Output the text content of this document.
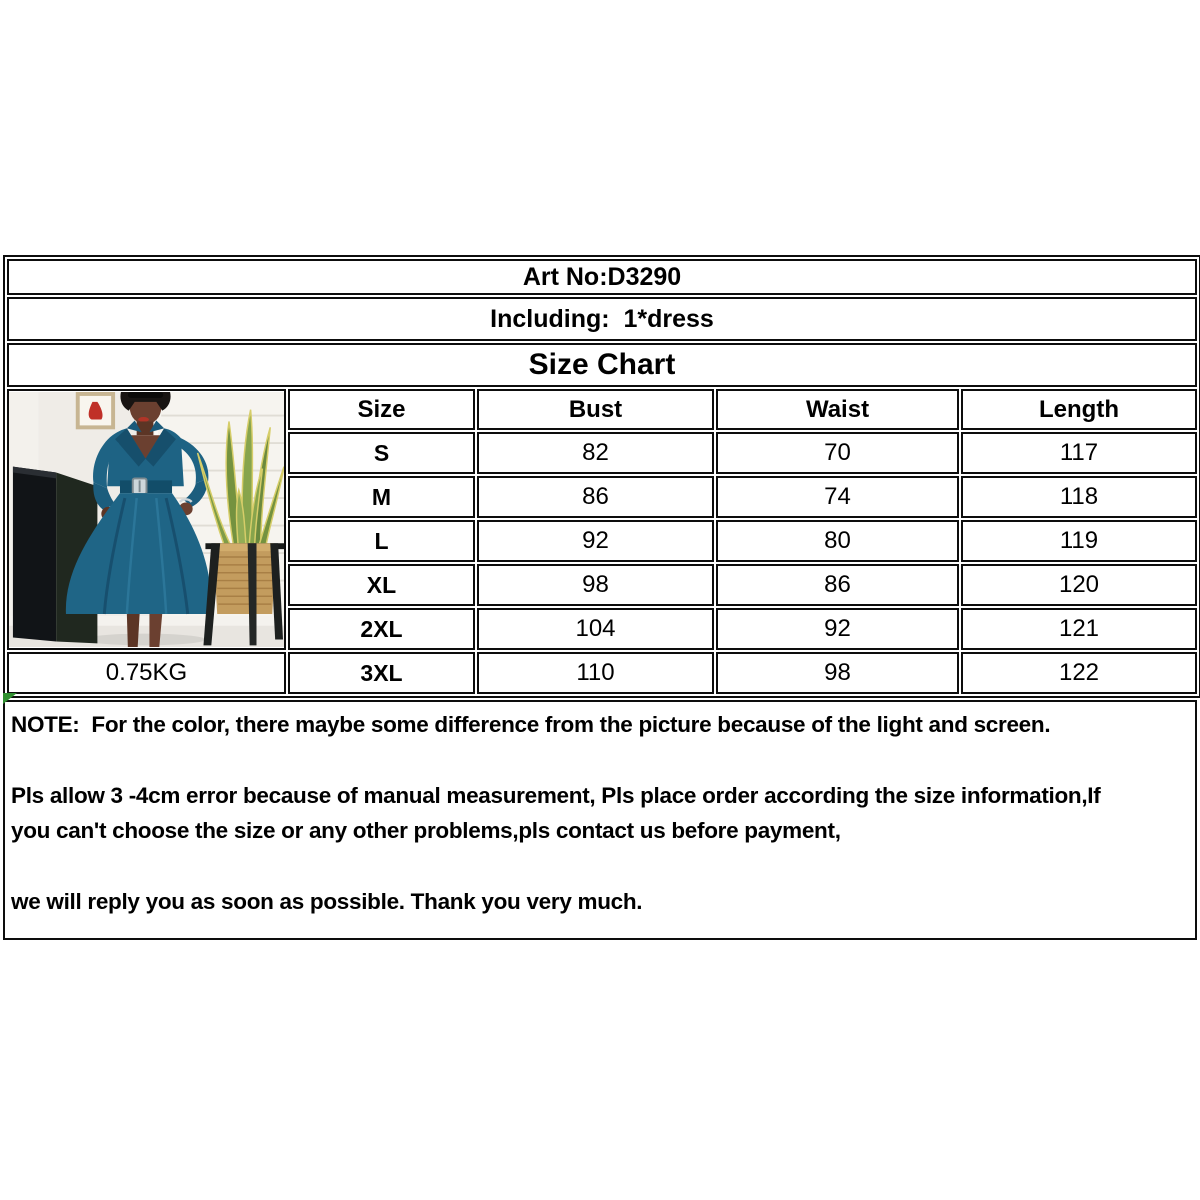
Art No:D3290				
Including:  1*dress				
Size Chart				

	Size	Bust	Waist	Length
	S	82	70	117
	M	86	74	118
	L	92	80	119
	XL	98	86	120
	2XL	104	92	121
0.75KG	3XL	110	98	122

NOTE:  For the color, there maybe some difference from the picture because of the light and screen.

Pls allow 3 -4cm error because of manual measurement, Pls place order according the size information,If

you can't choose the size or any other problems,pls contact us before payment,

we will reply you as soon as possible. Thank you very much.
